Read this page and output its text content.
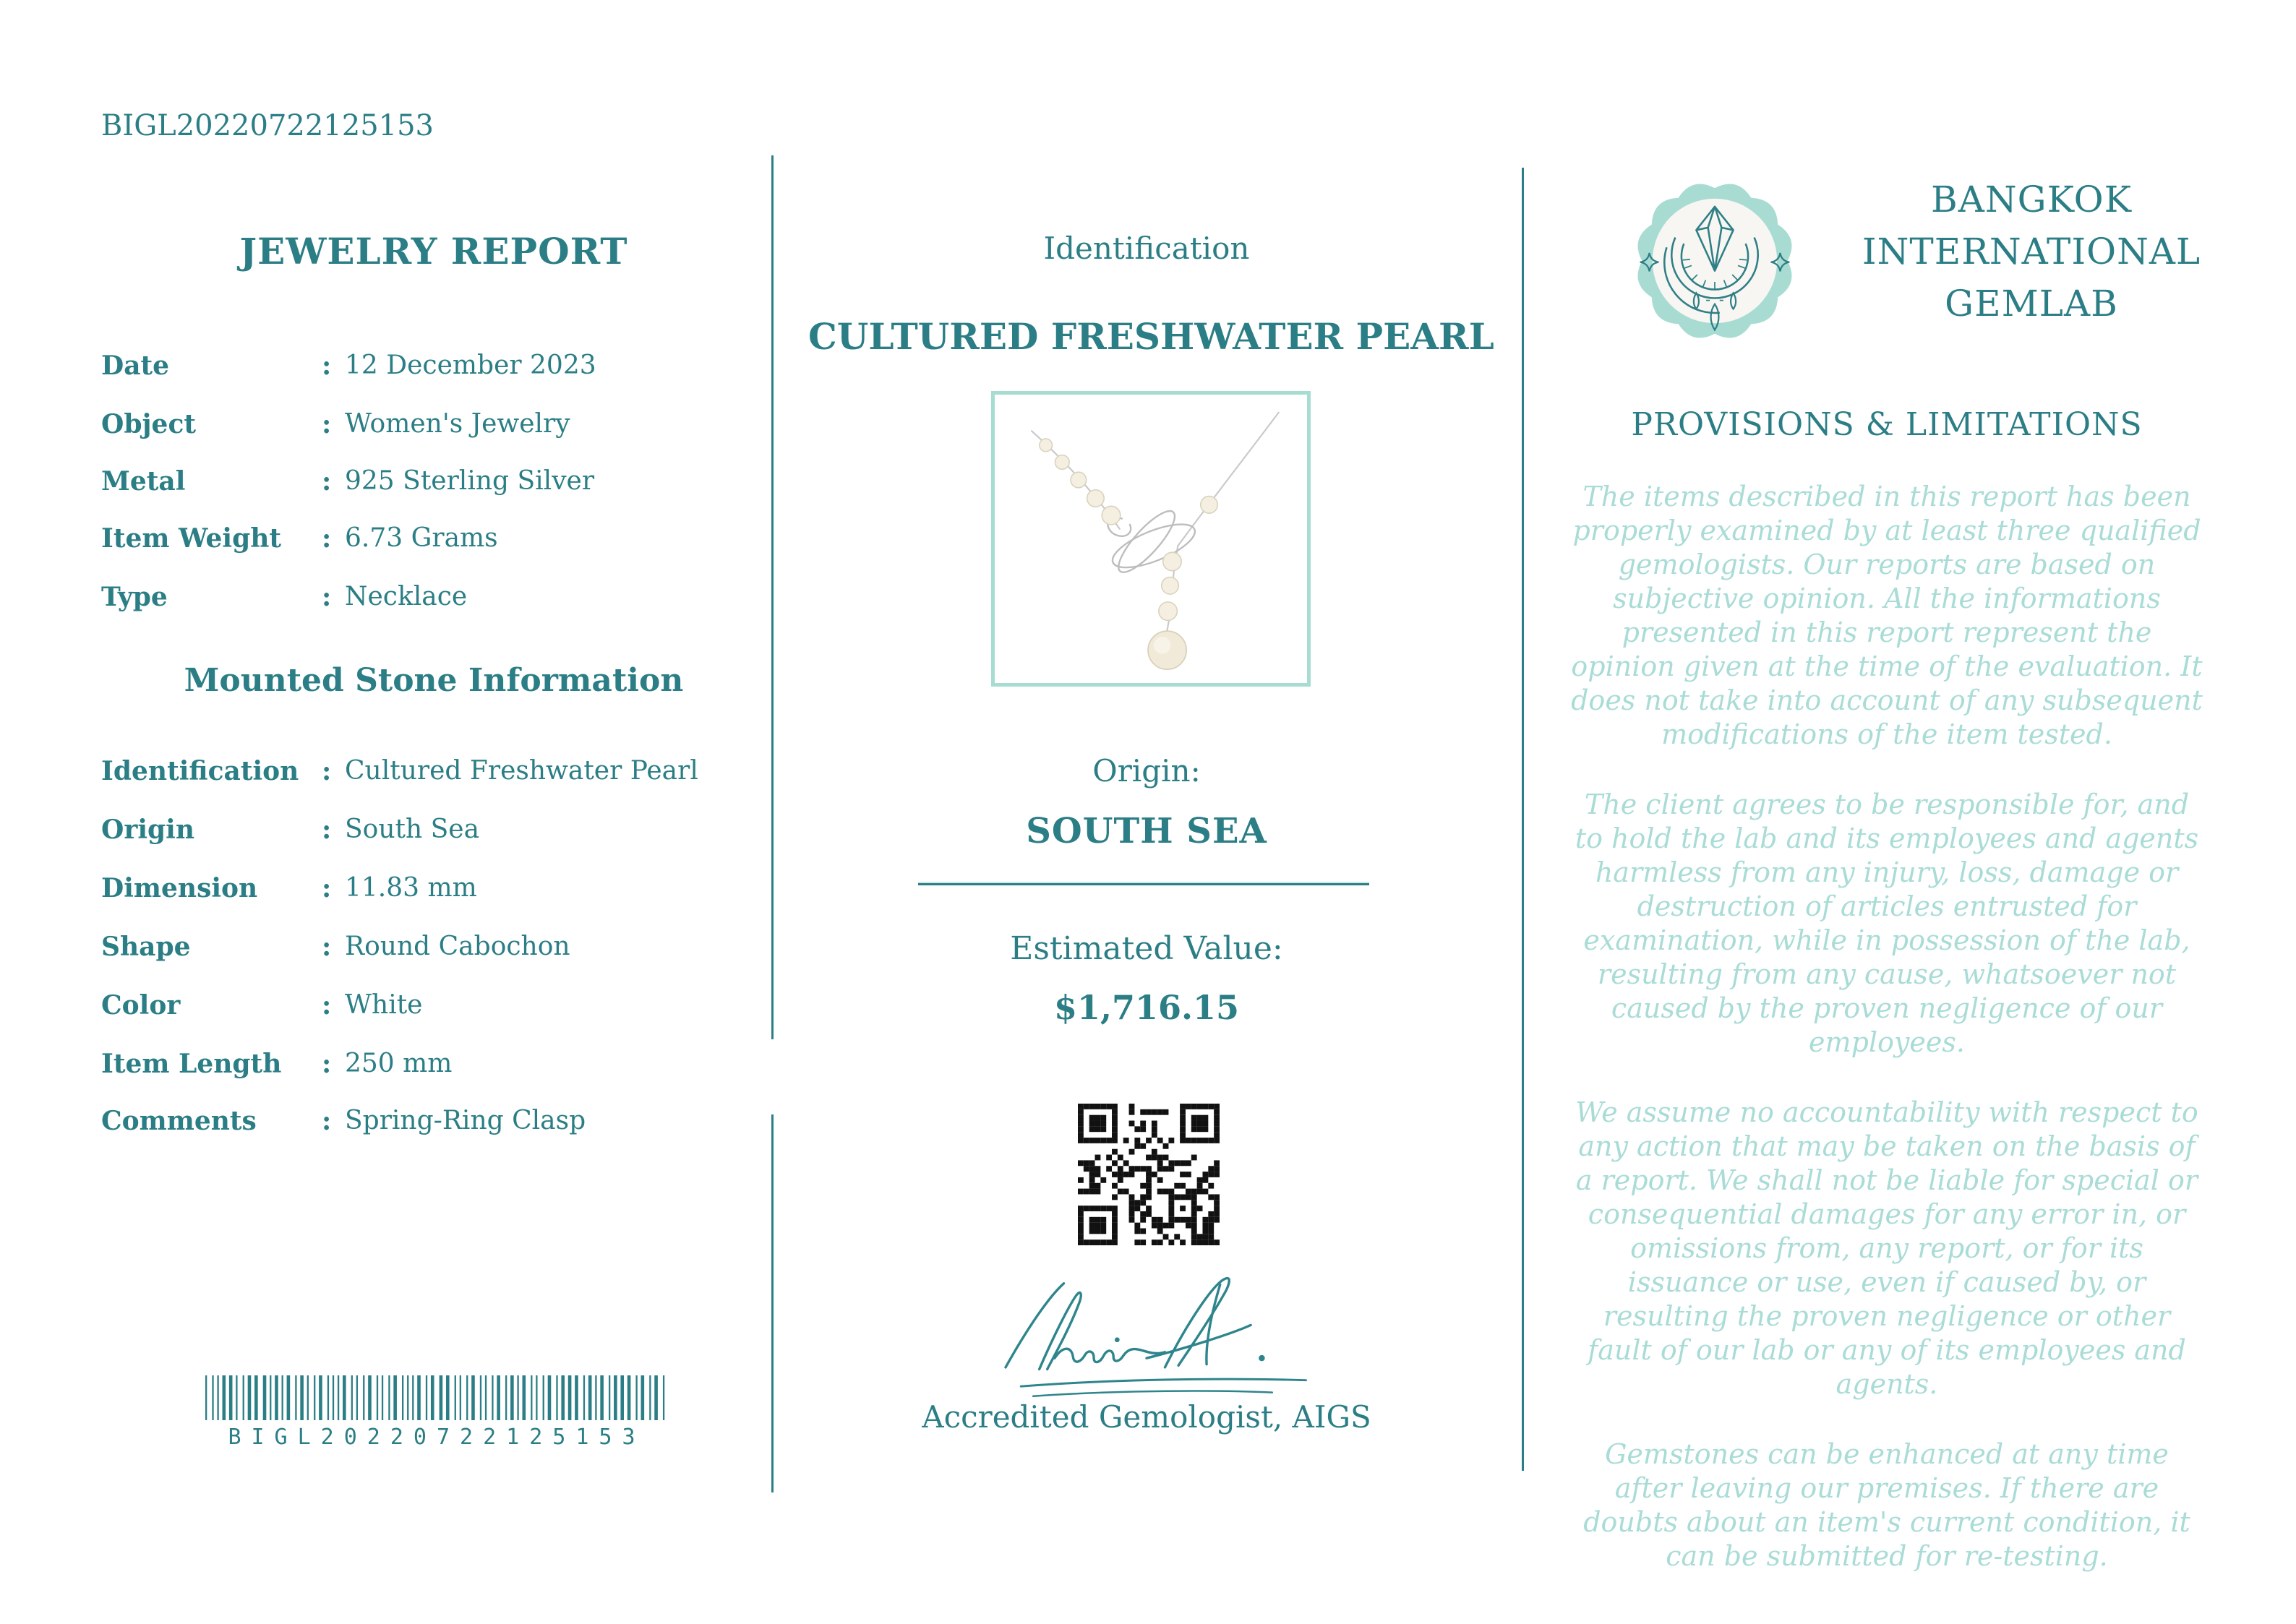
BIGL20220722125153
JEWELRY REPORT
Date	: 12 December 2023
Object	: Women's Jewelry
Metal	: 925 Sterling Silver
Item Weight	: 6.73 Grams
Type	: Necklace
Mounted Stone Information
Identification : Cultured Freshwater Pearl
Origin	: South Sea
Dimension	: 11.83 mm
Shape	: Round Cabochon
Color	: White
Item Length	: 250 mm
Comments	: Spring-Ring Clasp
BIGL20220722125153
Identification
CULTURED FRESHWATER PEARL
Origin:
SOUTH SEA
Estimated Value:
$1,716.15
Accredited Gemologist, AIGS
BANGKOK
INTERNATIONAL
GEMLAB
PROVISIONS & LIMITATIONS

The items described in this report has been properly examined by at least three qualified gemologists. Our reports are based on subjective opinion. All the informations presented in this report represent the opinion given at the time of the evaluation. It does not take into account of any subsequent modifications of the item tested.

The client agrees to be responsible for, and to hold the lab and its employees and agents harmless from any injury, loss, damage or destruction of articles entrusted for examination, while in possession of the lab, resulting from any cause, whatsoever not caused by the proven negligence of our employees.

We assume no accountability with respect to any action that may be taken on the basis of a report. We shall not be liable for special or consequential damages for any error in, or omissions from, any report, or for its issuance or use, even if caused by, or resulting the proven negligence or other fault of our lab or any of its employees and agents.

Gemstones can be enhanced at any time after leaving our premises. If there are doubts about an item's current condition, it can be submitted for re-testing.
